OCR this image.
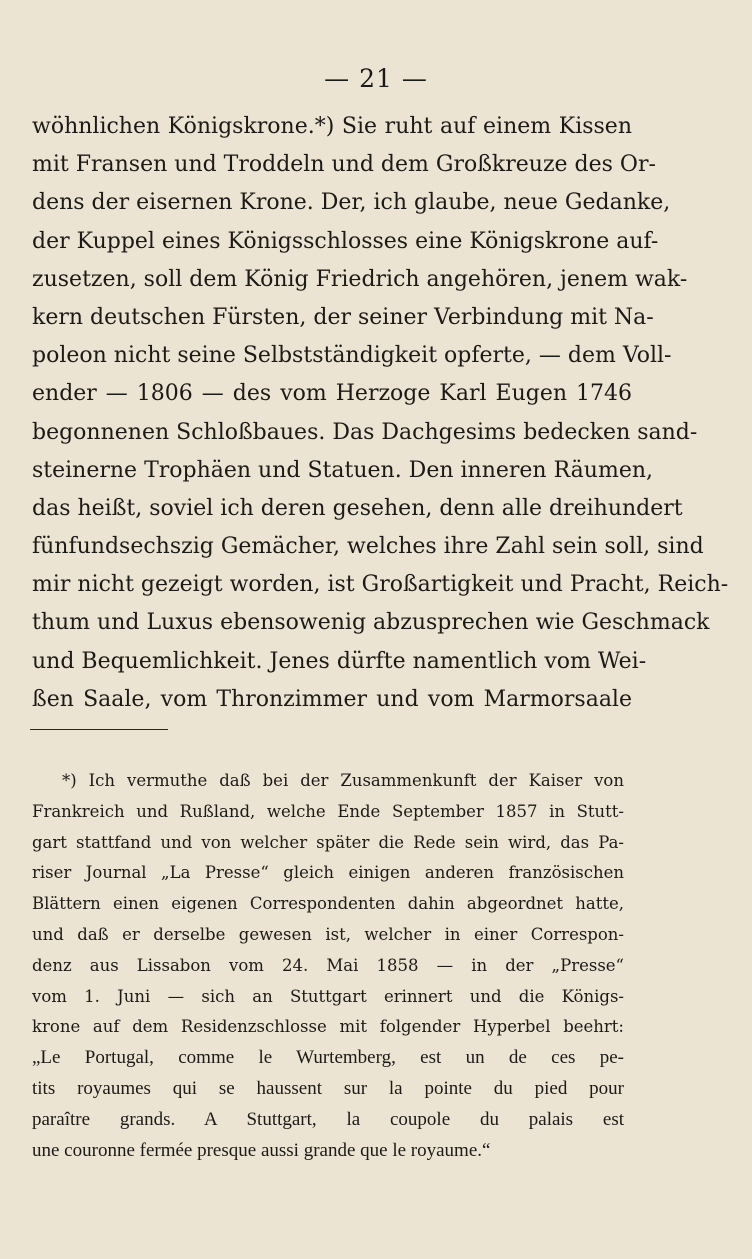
— 21 —
wöhnlichen Königskrone.*) Sie ruht auf einem Kissen
mit Fransen und Troddeln und dem Großkreuze des Or-
dens der eisernen Krone. Der, ich glaube, neue Gedanke,
der Kuppel eines Königsschlosses eine Königskrone auf-
zusetzen, soll dem König Friedrich angehören, jenem wak-
kern deutschen Fürsten, der seiner Verbindung mit Na-
poleon nicht seine Selbstständigkeit opferte, — dem Voll-
ender — 1806 — des vom Herzoge Karl Eugen 1746
begonnenen Schloßbaues. Das Dachgesims bedecken sand-
steinerne Trophäen und Statuen. Den inneren Räumen,
das heißt, soviel ich deren gesehen, denn alle dreihundert
fünfundsechszig Gemächer, welches ihre Zahl sein soll, sind
mir nicht gezeigt worden, ist Großartigkeit und Pracht, Reich-
thum und Luxus ebensowenig abzusprechen wie Geschmack
und Bequemlichkeit. Jenes dürfte namentlich vom Wei-
ßen Saale, vom Thronzimmer und vom Marmorsaale
*) Ich vermuthe daß bei der Zusammenkunft der Kaiser von
Frankreich und Rußland, welche Ende September 1857 in Stutt-
gart stattfand und von welcher später die Rede sein wird, das Pa-
riser Journal „La Presse“ gleich einigen anderen französischen
Blättern einen eigenen Correspondenten dahin abgeordnet hatte,
und daß er derselbe gewesen ist, welcher in einer Correspon-
denz aus Lissabon vom 24. Mai 1858 — in der „Presse“
vom 1. Juni — sich an Stuttgart erinnert und die Königs-
krone auf dem Residenzschlosse mit folgender Hyperbel beehrt:
„Le Portugal, comme le Wurtemberg, est un de ces pe-
tits royaumes qui se haussent sur la pointe du pied pour
paraître grands. A Stuttgart, la coupole du palais est
une couronne fermée presque aussi grande que le royaume.“
